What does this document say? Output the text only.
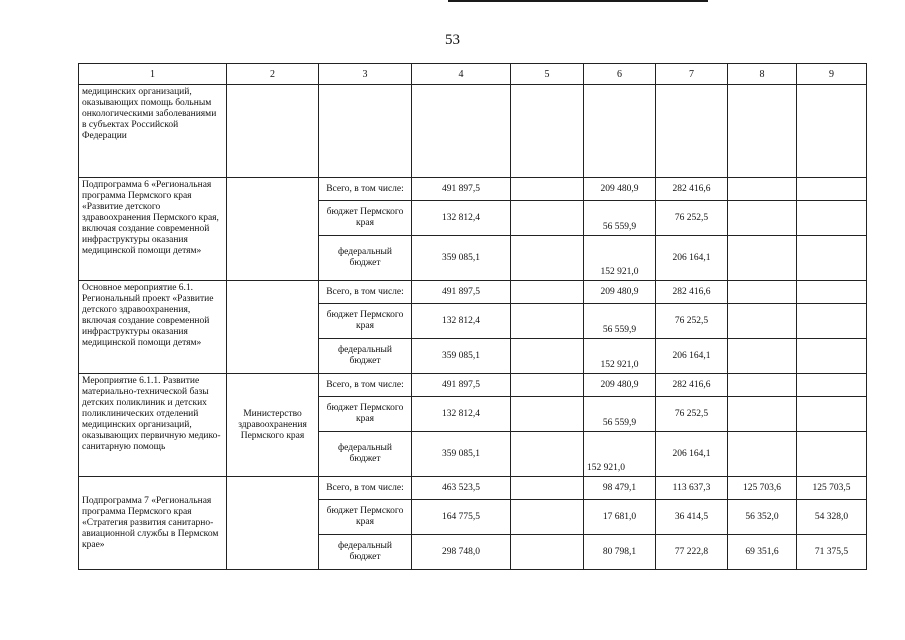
53
1	2	3	4	5	6	7	8	9
медицинских организаций, оказывающих помощь больным онкологическими заболеваниями в субъектах Российской Федерации								
Подпрограмма 6 «Региональная программа Пермского края «Развитие детского здравоохранения Пермского края, включая создание современной инфраструктуры оказания медицинской помощи детям»		Всего, в том числе:	491 897,5		209 480,9	282 416,6		
		бюджет Пермского края	132 812,4		56 559,9	76 252,5		
		федеральный бюджет	359 085,1		152 921,0	206 164,1		
Основное мероприятие 6.1. Региональный проект «Развитие детского здравоохранения, включая создание современной инфраструктуры оказания медицинской помощи детям»		Всего, в том числе:	491 897,5		209 480,9	282 416,6		
		бюджет Пермского края	132 812,4		56 559,9	76 252,5		
		федеральный бюджет	359 085,1		152 921,0	206 164,1		
Мероприятие 6.1.1. Развитие материально-технической базы детских поликлиник и детских поликлинических отделений медицинских организаций, оказывающих первичную медико-санитарную помощь	Министерство здравоохранения Пермского края	Всего, в том числе:	491 897,5		209 480,9	282 416,6		
		бюджет Пермского края	132 812,4		56 559,9	76 252,5		
		федеральный бюджет	359 085,1		152 921,0	206 164,1		
Подпрограмма 7 «Региональная программа Пермского края «Стратегия развития санитарно-авиационной службы в Пермском крае»		Всего, в том числе:	463 523,5		98 479,1	113 637,3	125 703,6	125 703,5
		бюджет Пермского края	164 775,5		17 681,0	36 414,5	56 352,0	54 328,0
		федеральный бюджет	298 748,0		80 798,1	77 222,8	69 351,6	71 375,5
